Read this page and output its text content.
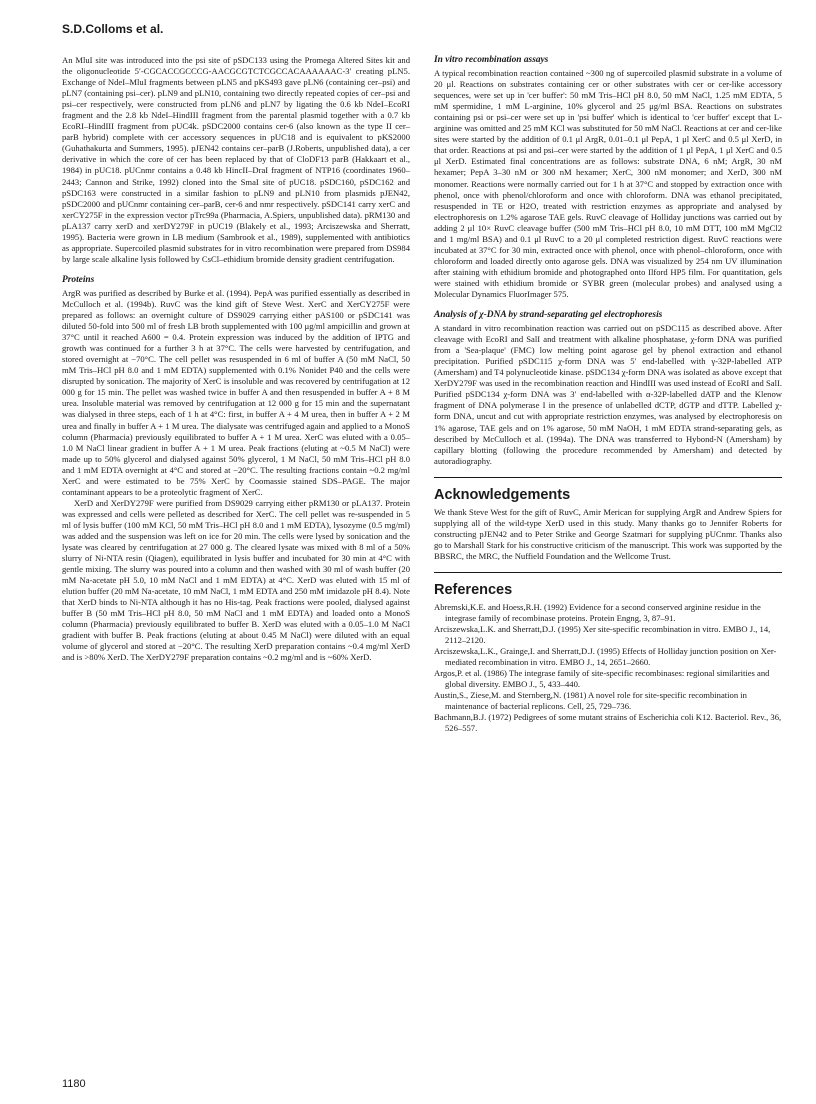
S.D.Colloms et al.

An MluI site was introduced into the psi site of pSDC133 using the Promega Altered Sites kit and the oligonucleotide 5′-CGCACCGCCCG-AACGCGTCTCGCCACAAAAAAC-3′ creating pLN5. Exchange of NdeI–MluI fragments between pLN5 and pKS493 gave pLN6 (containing cer–psi) and pLN7 (containing psi–cer). pLN9 and pLN10, containing two directly repeated copies of cer–psi and psi–cer respectively, were constructed from pLN6 and pLN7 by ligating the 0.6 kb NdeI–EcoRI fragment and the 2.8 kb NdeI–HindIII fragment from the parental plasmid together with a 0.7 kb EcoRI–HindIII fragment from pUC4k. pSDC2000 contains cer-6 (also known as the type II cer–parB hybrid) complete with cer accessory sequences in pUC18 and is equivalent to pKS2000 (Guhathakurta and Summers, 1995). pJEN42 contains cer–parB (J.Roberts, unpublished data), a cer derivative in which the core of cer has been replaced by that of CloDF13 parB (Hakkaart et al., 1984) in pUC18. pUCnmr contains a 0.48 kb HincII–DraI fragment of NTP16 (coordinates 1960–2443; Cannon and Strike, 1992) cloned into the SmaI site of pUC18. pSDC160, pSDC162 and pSDC163 were constructed in a similar fashion to pLN9 and pLN10 from plasmids pJEN42, pSDC2000 and pUCnmr containing cer–parB, cer-6 and nmr respectively. pSDC141 carry xerC and xerCY275F in the expression vector pTrc99a (Pharmacia, A.Spiers, unpublished data). pRM130 and pLA137 carry xerD and xerDY279F in pUC19 (Blakely et al., 1993; Arciszewska and Sherratt, 1995). Bacteria were grown in LB medium (Sambrook et al., 1989), supplemented with antibiotics as appropriate. Supercoiled plasmid substrates for in vitro recombination were prepared from DS984 by large scale alkaline lysis followed by CsCl–ethidium bromide density gradient centrifugation.

Proteins

ArgR was purified as described by Burke et al. (1994). PepA was purified essentially as described in McCulloch et al. (1994b). RuvC was the kind gift of Steve West. XerC and XerCY275F were prepared as follows: an overnight culture of DS9029 carrying either pAS100 or pSDC141 was diluted 50-fold into 500 ml of fresh LB broth supplemented with 100 μg/ml ampicillin and grown at 37°C until it reached A600 = 0.4. Protein expression was induced by the addition of IPTG and growth was continued for a further 3 h at 37°C. The cells were harvested by centrifugation, and stored overnight at −70°C. The cell pellet was resuspended in 6 ml of buffer A (50 mM NaCl, 50 mM Tris–HCl pH 8.0 and 1 mM EDTA) supplemented with 0.1% Nonidet P40 and the cells were disrupted by sonication. The majority of XerC is insoluble and was recovered by centrifugation at 12 000 g for 15 min. The pellet was washed twice in buffer A and then resuspended in buffer A + 8 M urea. Insoluble material was removed by centrifugation at 12 000 g for 15 min and the supernatant was dialysed in three steps, each of 1 h at 4°C: first, in buffer A + 4 M urea, then in buffer A + 2 M urea and finally in buffer A + 1 M urea. The dialysate was centrifuged again and applied to a MonoS column (Pharmacia) previously equilibrated to buffer A + 1 M urea. XerC was eluted with a 0.05–1.0 M NaCl linear gradient in buffer A + 1 M urea. Peak fractions (eluting at ~0.5 M NaCl) were made up to 50% glycerol and dialysed against 50% glycerol, 1 M NaCl, 50 mM Tris–HCl pH 8.0 and 1 mM EDTA overnight at 4°C and stored at −20°C. The resulting fractions contain ~0.2 mg/ml XerC and were estimated to be 75% XerC by Coomassie stained SDS–PAGE. The major contaminant appears to be a proteolytic fragment of XerC.

XerD and XerDY279F were purified from DS9029 carrying either pRM130 or pLA137. Protein was expressed and cells were pelleted as described for XerC. The cell pellet was re-suspended in 5 ml of lysis buffer (100 mM KCl, 50 mM Tris–HCl pH 8.0 and 1 mM EDTA), lysozyme (0.5 mg/ml) was added and the suspension was left on ice for 20 min. The cells were lysed by sonication and the lysate was cleared by centrifugation at 27 000 g. The cleared lysate was mixed with 8 ml of a 50% slurry of Ni-NTA resin (Qiagen), equilibrated in lysis buffer and incubated for 30 min at 4°C with gentle mixing. The slurry was poured into a column and then washed with 30 ml of wash buffer (20 mM Na-acetate pH 5.0, 10 mM NaCl and 1 mM EDTA) at 4°C. XerD was eluted with 15 ml of elution buffer (20 mM Na-acetate, 10 mM NaCl, 1 mM EDTA and 250 mM imidazole pH 8.4). Note that XerD binds to Ni-NTA although it has no His-tag. Peak fractions were pooled, dialysed against buffer B (50 mM Tris–HCl pH 8.0, 50 mM NaCl and 1 mM EDTA) and loaded onto a MonoS column (Pharmacia) previously equilibrated to buffer B. XerD was eluted with a 0.05–1.0 M NaCl gradient with buffer B. Peak fractions (eluting at about 0.45 M NaCl) were diluted with an equal volume of glycerol and stored at −20°C. The resulting XerD preparation contains ~0.4 mg/ml XerD and is >80% XerD. The XerDY279F preparation contains ~0.2 mg/ml and is ~60% XerD.

In vitro recombination assays

A typical recombination reaction contained ~300 ng of supercoiled plasmid substrate in a volume of 20 μl. Reactions on substrates containing cer or other substrates with cer or cer-like accessory sequences, were set up in 'cer buffer': 50 mM Tris–HCl pH 8.0, 50 mM NaCl, 1.25 mM EDTA, 5 mM spermidine, 1 mM L-arginine, 10% glycerol and 25 μg/ml BSA. Reactions on substrates containing psi or psi–cer were set up in 'psi buffer' which is identical to 'cer buffer' except that L-arginine was omitted and 25 mM KCl was substituted for 50 mM NaCl. Reactions at cer and cer-like sites were started by the addition of 0.1 μl ArgR, 0.01–0.1 μl PepA, 1 μl XerC and 0.5 μl XerD, in that order. Reactions at psi and psi–cer were started by the addition of 1 μl PepA, 1 μl XerC and 0.5 μl XerD. Estimated final concentrations are as follows: substrate DNA, 6 nM; ArgR, 30 nM hexamer; PepA 3–30 nM or 300 nM hexamer; XerC, 300 nM monomer; and XerD, 300 nM monomer. Reactions were normally carried out for 1 h at 37°C and stopped by extraction once with phenol, once with phenol/chloroform and once with chloroform. DNA was ethanol precipitated, resuspended in TE or H2O, treated with restriction enzymes as appropriate and analysed by electrophoresis on 1.2% agarose TAE gels. RuvC cleavage of Holliday junctions was carried out by adding 2 μl 10× RuvC cleavage buffer (500 mM Tris–HCl pH 8.0, 10 mM DTT, 100 mM MgCl2 and 1 mg/ml BSA) and 0.1 μl RuvC to a 20 μl completed restriction digest. RuvC reactions were incubated at 37°C for 30 min, extracted once with phenol, once with phenol–chloroform, once with chloroform and loaded directly onto agarose gels. DNA was visualized by 254 nm UV illumination after staining with ethidium bromide and photographed onto Ilford HP5 film. For quantitation, gels were stained with ethidium bromide or SYBR green (molecular probes) and analysed using a Molecular Dynamics FluorImager 575.

Analysis of χ-DNA by strand-separating gel electrophoresis

A standard in vitro recombination reaction was carried out on pSDC115 as described above. After cleavage with EcoRI and SalI and treatment with alkaline phosphatase, χ-form DNA was purified from a 'Sea-plaque' (FMC) low melting point agarose gel by phenol extraction and ethanol precipitation. Purified pSDC115 χ-form DNA was 5′ end-labelled with γ-32P-labelled ATP (Amersham) and T4 polynucleotide kinase. pSDC134 χ-form DNA was isolated as above except that XerDY279F was used in the recombination reaction and HindIII was used instead of EcoRI and SalI. Purified pSDC134 χ-form DNA was 3′ end-labelled with α-32P-labelled dATP and the Klenow fragment of DNA polymerase I in the presence of unlabelled dCTP, dGTP and dTTP. Labelled χ-form DNA, uncut and cut with appropriate restriction enzymes, was analysed by electrophoresis on 1% agarose, TAE gels and on 1% agarose, 50 mM NaOH, 1 mM EDTA strand-separating gels, as described by McCulloch et al. (1994a). The DNA was transferred to Hybond-N (Amersham) by capillary blotting (following the procedure recommended by Amersham) and detected by autoradiography.

Acknowledgements

We thank Steve West for the gift of RuvC, Amir Merican for supplying ArgR and Andrew Spiers for supplying all of the wild-type XerD used in this study. Many thanks go to Jennifer Roberts for constructing pJEN42 and to Peter Strike and George Szatmari for supplying pUCnmr. Thanks also go to Marshall Stark for his constructive criticism of the manuscript. This work was supported by the BBSRC, the MRC, the Nuffield Foundation and the Wellcome Trust.

References

Abremski,K.E. and Hoess,R.H. (1992) Evidence for a second conserved arginine residue in the integrase family of recombinase proteins. Protein Engng, 3, 87–91.

Arciszewska,L.K. and Sherratt,D.J. (1995) Xer site-specific recombination in vitro. EMBO J., 14, 2112–2120.

Arciszewska,L.K., Grainge,I. and Sherratt,D.J. (1995) Effects of Holliday junction position on Xer-mediated recombination in vitro. EMBO J., 14, 2651–2660.

Argos,P. et al. (1986) The integrase family of site-specific recombinases: regional similarities and global diversity. EMBO J., 5, 433–440.

Austin,S., Ziese,M. and Sternberg,N. (1981) A novel role for site-specific recombination in maintenance of bacterial replicons. Cell, 25, 729–736.

Bachmann,B.J. (1972) Pedigrees of some mutant strains of Escherichia coli K12. Bacteriol. Rev., 36, 526–557.

1180
